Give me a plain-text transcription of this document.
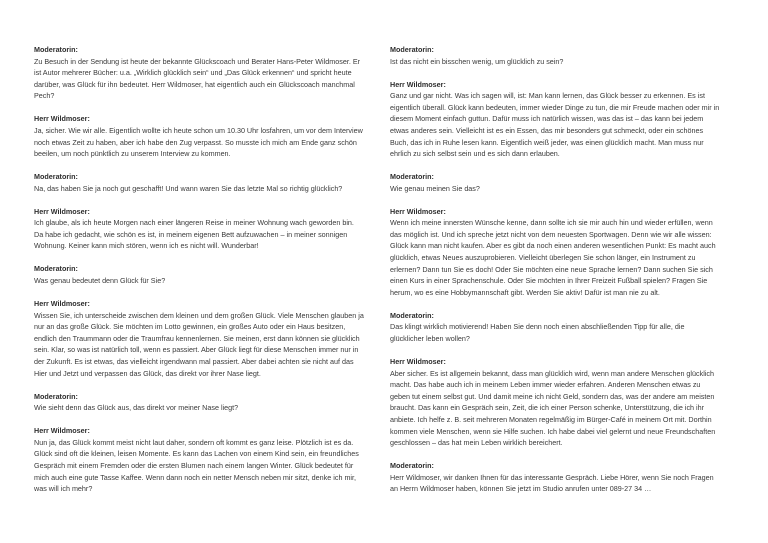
Moderatorin:
Zu Besuch in der Sendung ist heute der bekannte Glückscoach und Berater Hans-Peter Wildmoser. Er ist Autor mehrerer Bücher: u.a. „Wirklich glücklich sein“ und „Das Glück erkennen“ und spricht heute darüber, was Glück für ihn bedeutet. Herr Wildmoser, hat eigentlich auch ein Glückscoach manchmal Pech?
Herr Wildmoser:
Ja, sicher. Wie wir alle. Eigentlich wollte ich heute schon um 10.30 Uhr losfahren, um vor dem Interview noch etwas Zeit zu haben, aber ich habe den Zug verpasst. So musste ich mich am Ende ganz schön beeilen, um noch pünktlich zu unserem Interview zu kommen.
Moderatorin:
Na, das haben Sie ja noch gut geschafft! Und wann waren Sie das letzte Mal so richtig glücklich?
Herr Wildmoser:
Ich glaube, als ich heute Morgen nach einer längeren Reise in meiner Wohnung wach geworden bin. Da habe ich gedacht, wie schön es ist, in meinem eigenen Bett aufzuwachen – in meiner sonnigen Wohnung. Keiner kann mich stören, wenn ich es nicht will. Wunderbar!
Moderatorin:
Was genau bedeutet denn Glück für Sie?
Herr Wildmoser:
Wissen Sie, ich unterscheide zwischen dem kleinen und dem großen Glück. Viele Menschen glauben ja nur an das große Glück. Sie möchten im Lotto gewinnen, ein großes Auto oder ein Haus besitzen, endlich den Traummann oder die Traumfrau kennenlernen. Sie meinen, erst dann können sie glücklich sein. Klar, so was ist natürlich toll, wenn es passiert. Aber Glück liegt für diese Menschen immer nur in der Zukunft. Es ist etwas, das vielleicht irgendwann mal passiert. Aber dabei achten sie nicht auf das Hier und Jetzt und verpassen das Glück, das direkt vor ihrer Nase liegt.
Moderatorin:
Wie sieht denn das Glück aus, das direkt vor meiner Nase liegt?
Herr Wildmoser:
Nun ja, das Glück kommt meist nicht laut daher, sondern oft kommt es ganz leise. Plötzlich ist es da. Glück sind oft die kleinen, leisen Momente. Es kann das Lachen von einem Kind sein, ein freundliches Gespräch mit einem Fremden oder die ersten Blumen nach einem langen Winter. Glück bedeutet für mich auch eine gute Tasse Kaffee. Wenn dann noch ein netter Mensch neben mir sitzt, denke ich mir, was will ich mehr?
Moderatorin:
Ist das nicht ein bisschen wenig, um glücklich zu sein?
Herr Wildmoser:
Ganz und gar nicht. Was ich sagen will, ist: Man kann lernen, das Glück besser zu erkennen. Es ist eigentlich überall. Glück kann bedeuten, immer wieder Dinge zu tun, die mir Freude machen oder mir in diesem Moment einfach guttun. Dafür muss ich natürlich wissen, was das ist – das kann bei jedem etwas anderes sein. Vielleicht ist es ein Essen, das mir besonders gut schmeckt, oder ein schönes Buch, das ich in Ruhe lesen kann. Eigentlich weiß jeder, was einen glücklich macht. Man muss nur ehrlich zu sich selbst sein und es sich dann erlauben.
Moderatorin:
Wie genau meinen Sie das?
Herr Wildmoser:
Wenn ich meine innersten Wünsche kenne, dann sollte ich sie mir auch hin und wieder erfüllen, wenn das möglich ist. Und ich spreche jetzt nicht von dem neuesten Sportwagen. Denn wie wir alle wissen: Glück kann man nicht kaufen. Aber es gibt da noch einen anderen wesentlichen Punkt: Es macht auch glücklich, etwas Neues auszuprobieren. Vielleicht überlegen Sie schon länger, ein Instrument zu erlernen? Dann tun Sie es doch! Oder Sie möchten eine neue Sprache lernen? Dann suchen Sie sich einen Kurs in einer Sprachenschule. Oder Sie möchten in Ihrer Freizeit Fußball spielen? Fragen Sie herum, wo es eine Hobbymannschaft gibt. Werden Sie aktiv! Dafür ist man nie zu alt.
Moderatorin:
Das klingt wirklich motivierend! Haben Sie denn noch einen abschließenden Tipp für alle, die glücklicher leben wollen?
Herr Wildmoser:
Aber sicher. Es ist allgemein bekannt, dass man glücklich wird, wenn man andere Menschen glücklich macht. Das habe auch ich in meinem Leben immer wieder erfahren. Anderen Menschen etwas zu geben tut einem selbst gut. Und damit meine ich nicht Geld, sondern das, was der andere am meisten braucht. Das kann ein Gespräch sein, Zeit, die ich einer Person schenke, Unterstützung, die ich ihr anbiete. Ich helfe z. B. seit mehreren Monaten regelmäßig im Bürger-Café in meinem Ort mit. Dorthin kommen viele Menschen, wenn sie Hilfe suchen. Ich habe dabei viel gelernt und neue Freundschaften geschlossen – das hat mein Leben wirklich bereichert.
Moderatorin:
Herr Wildmoser, wir danken Ihnen für das interessante Gespräch. Liebe Hörer, wenn Sie noch Fragen an Herrn Wildmoser haben, können Sie jetzt im Studio anrufen unter 089-27 34 …
